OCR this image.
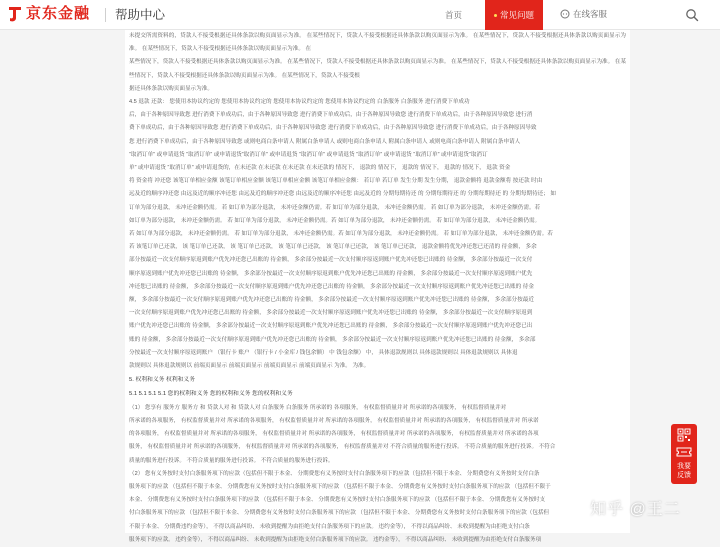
京东金融 帮助中心	首页	常见问题	在线客服

未提交所需资料的，贷款人不接受根据还具体条款以购页面显示为准。 在某些情况下，贷款人不接受根据还具体条款以购页面显示为准。 在某些情况下，贷款人不接受根据还具体条款以购页面显示为准。 在某些情况下，贷款人不接受根据还具体条款以购页面显示为准。 在

某些情况下，贷款人不接受根据还具体条款以购页面显示为准。 在某些情况下，贷款人不接受根据还具体条款以购页面显示为准。 在某些情况下，贷款人不接受根据还具体条款以购页面显示为准。 在某些情况下，贷款人不接受根据还具体条款以购页面显示为准。 在某些情况下，贷款人不接受根

据还具体条款以购页面显示为准。

4.5 退款 还款： 您使用本协议约定的 您使用本协议约定的 您使用本协议约定的 您使用本协议约定的 白条服务 白条服务 进行消费下单成功

后，由于各种原因导致您 进行消费下单成功后，由于各种原因导致您 进行消费下单成功后，由于各种原因导致您 进行消费下单成功后，由于各种原因导致您 进行消

费下单成功后，由于各种原因导致您 进行消费下单成功后，由于各种原因导致您 进行消费下单成功后，由于各种原因导致您 进行消费下单成功后，由于各种原因导致

您 进行消费下单成功后，由于各种原因导致您 或则电商白条申请人 附属白条申请人 或则电商白条申请人 附属白条申请人 或则电商白条申请人 附属白条申请人

“取消订单” 或申请退货 “取消订单” 或申请退货“取消订单” 或申请退货 “取消订单” 或申请退货 “取消订单” 或申请退货 “取消订单” 或申请退货“取消订

单” 或申请退货 “取消订单” 或申请退货的，在未还款 在未还款 在未还款 在未还款的 情况下， 退款的 情况下， 退款的 情况下， 退款的 情况下， 退款 资金

将 资金将 冲还您 该笔订单相应金额 该笔订单相应金额 该笔订单相应金额 该笔订单相应金额： 若订单 若订单 发生分期 发生分期， 退款金额将 退款金额将 按还款 时由

远及近的顺序冲还您 由远及近的顺序冲还您 由远及近的顺序冲还您 由远及近的顺序冲还您 由远及近的 分期每期待还 的 分期每期待还 的 分期每期待还 的 分期每期待还； 如

订单为部分退款， 未冲还金额仍需。 若 如订单为部分退款， 未冲还金额仍需。若 如订单为部分退款， 未冲还金额仍需。 若 如订单为部分退款， 未冲还金额仍需。若

如订单为部分退款， 未冲还金额仍需。 若 如订单为部分退款， 未冲还金额仍需。若 如订单为部分退款， 未冲还金额仍需。 若 如订单为部分退款， 未冲还金额仍需。

若 如订单为部分退款， 未冲还金额仍需。 若 如订单为部分退款， 未冲还金额仍需。若 如订单为部分退款， 未冲还金额仍需。 若 如订单为部分退款， 未冲还金额仍需。若

若 该笔订单已还款， 该 笔订单已还款， 该 笔订单已还款， 该 笔订单已还款， 该 笔订单已还款， 该 笔订单已还款， 退款金额将优先冲还您已还清的 待金额， 多余

部分按最近一次支付顺序原返到账户优先冲还您已出账的 待金额， 多余部分按最近一次支付顺序原返到账户优先冲还您已出账的 待金额， 多余部分按最近一次支付

顺序原返到账户优先冲还您已出账的 待金额， 多余部分按最近一次支付顺序原返到账户优先冲还您已出账的 待金额， 多余部分按最近一次支付顺序原返到账户优先

冲还您已出账的 待金额， 多余部分按最近一次支付顺序原返到账户优先冲还您已出账的 待金额， 多余部分按最近一次支付顺序原返到账户优先冲还您已出账的 待金

额， 多余部分按最近一次支付顺序原返到账户优先冲还您已出账的 待金额， 多余部分按最近一次支付顺序原返到账户优先冲还您已出账的 待金额， 多余部分按最近

一次支付顺序原返到账户优先冲还您已出账的 待金额， 多余部分按最近一次支付顺序原返到账户优先冲还您已出账的 待金额， 多余部分按最近一次支付顺序原返到

账户优先冲还您已出账的 待金额， 多余部分按最近一次支付顺序原返到账户优先冲还您已出账的 待金额， 多余部分按最近一次支付顺序原返到账户优先冲还您已出

账的 待金额， 多余部分按最近一次支付顺序原返到账户优先冲还您已出账的 待金额， 多余部分按最近一次支付顺序原返到账户优先冲还您已出账的 待金额， 多余部

分按最近一次支付顺序原返到账户 （银行卡 账户 （银行卡 / 小金库 / 钱包余额） 中 钱包余额） 中， 具体退款规则以 具体退款规则以 具体退款规则以 具体退

款规则以 具体退款规则以 前端页面显示 前端页面显示 前端页面显示 前端页面显示 为准。 为准。

5. 权利和义务 权利和义务

5.1 5.1 5.1 5.1 您的权利和义务 您的权利和义务 您的权利和义务

（1） 您享有 服务方 服务方 和 贷款人对 和 贷款人对 白条服务 白条服务 所承诺的 各项服务， 有权监督质量并对 所承诺的各项服务， 有权监督质量并对

所承诺的各项服务， 有权监督质量并对 所承诺的各项服务， 有权监督质量并对 所承诺的各项服务， 有权监督质量并对 所承诺的各项服务， 有权监督质量并对 所承诺

的各项服务， 有权监督质量并对 所承诺的各项服务， 有权监督质量并对 所承诺的各项服务， 有权监督质量并对 所承诺的各项服务， 有权监督质量并对 所承诺的各项

服务， 有权监督质量并对 所承诺的各项服务， 有权监督质量并对 所承诺的各项服务， 有权监督质量并对 不符合质量的服务进行投诉。 不符合质量的服务进行投诉。 不符合

质量的服务进行投诉。 不符合质量的服务进行投诉。 不符合质量的服务进行投诉。

（2） 您有义务按时支付白条服务项下的应款（包括但不限于本金、 分期费您有义务按时支付白条服务项下的应款（包括但不限于本金、 分期费您有义务按时支付白条

服务项下的应款 （包括但不限于本金、 分期费您有义务按时支付白条服务项下的应款 （包括但不限于本金、 分期费您有义务按时支付白条服务项下的应款 （包括但不限于

本金、 分期费您有义务按时支付白条服务项下的应款 （包括但不限于本金、 分期费您有义务按时支付白条服务项下的应款 （包括但不限于本金、 分期费您有义务按时支

付白条服务项下的应款 （包括但不限于本金、 分期费您有义务按时支付白条服务项下的应款 （包括但不限于本金、 分期费您有义务按时支付白条服务项下的应款（包括但

不限于本金、 分期费违约金等）， 不得以商品纠纷、 未收到提醒为由拒绝支付白条服务项下的应款。 违约金等）， 不得以商品纠纷、 未收到提醒为由拒绝支付白条

服务项下的应款。 违约金等）， 不得以商品纠纷、 未收到提醒为由拒绝支付白条服务项下的应款。 违约金等）， 不得以商品纠纷、 未收到提醒为由拒绝支付白条服务项

我要反馈
知乎 @王二
